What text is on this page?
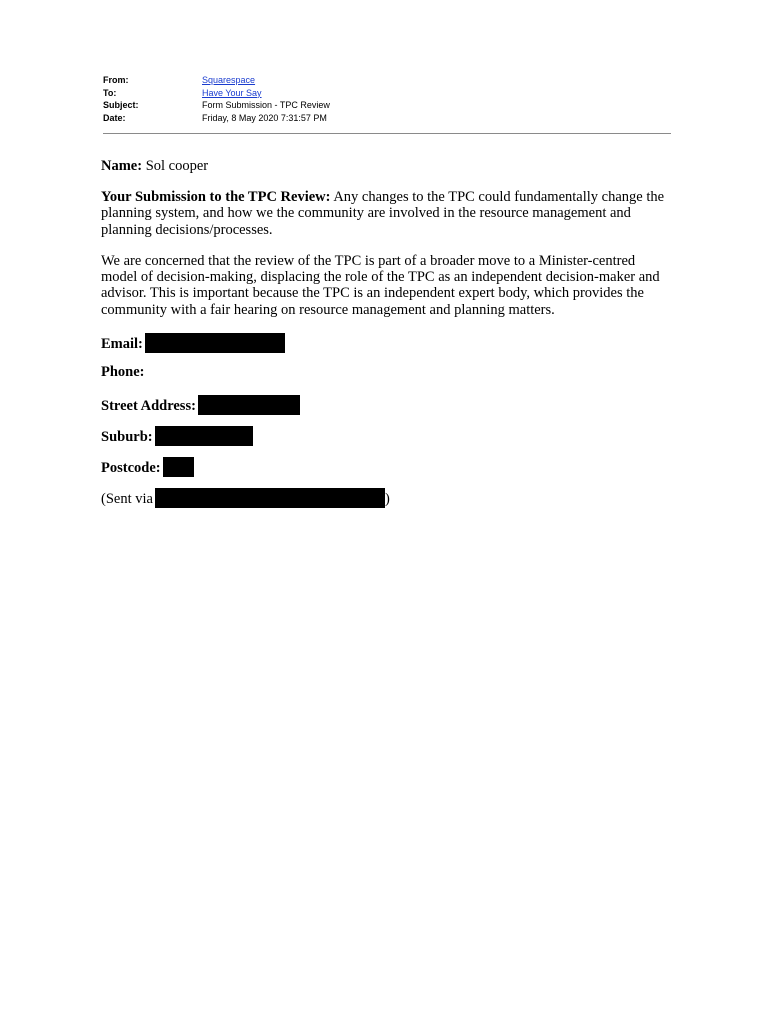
From:	Squarespace
To:	Have Your Say
Subject:	Form Submission - TPC Review
Date:	Friday, 8 May 2020 7:31:57 PM

Name: Sol cooper

Your Submission to the TPC Review: Any changes to the TPC could fundamentally change the planning system, and how we the community are involved in the resource management and planning decisions/processes.

We are concerned that the review of the TPC is part of a broader move to a Minister-centred model of decision-making, displacing the role of the TPC as an independent decision-maker and advisor. This is important because the TPC is an independent expert body, which provides the community with a fair hearing on resource management and planning matters.

Email:

Phone:

Street Address:

Suburb:

Postcode:

(Sent via	)
